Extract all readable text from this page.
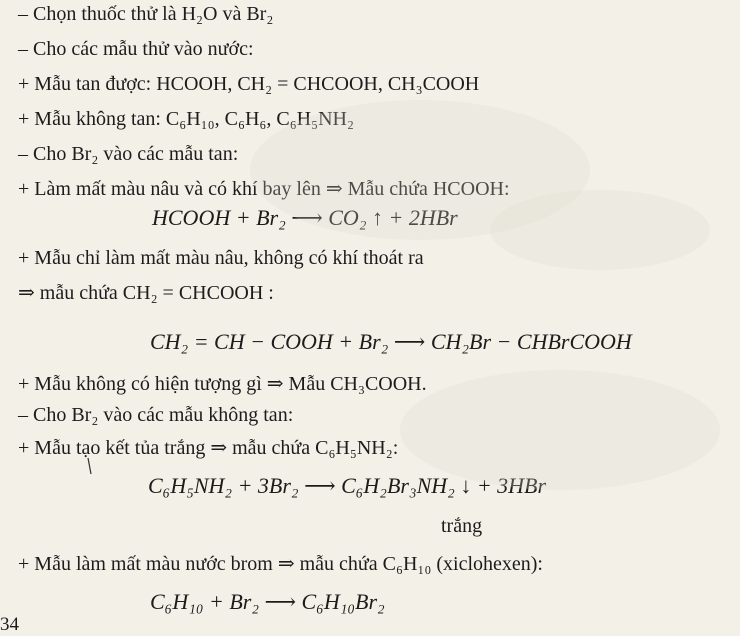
– Chọn thuốc thử là H₂O và Br₂
– Cho các mẫu thử vào nước:
+ Mẫu tan được: HCOOH, CH₂ = CHCOOH, CH₃COOH
+ Mẫu không tan: C₆H₁₀, C₆H₆, C₆H₅NH₂
– Cho Br₂ vào các mẫu tan:
+ Làm mất màu nâu và có khí bay lên ⇒ Mẫu chứa HCOOH:
HCOOH + Br₂ ⟶ CO₂ ↑ + 2HBr
+ Mẫu chỉ làm mất màu nâu, không có khí thoát ra
⇒ mẫu chứa CH₂ = CHCOOH :
CH₂ = CH − COOH + Br₂ ⟶ CH₂Br − CHBrCOOH
+ Mẫu không có hiện tượng gì ⇒ Mẫu CH₃COOH.
– Cho Br₂ vào các mẫu không tan:
+ Mẫu tạo kết tủa trắng ⇒ mẫu chứa C₆H₅NH₂:
C₆H₅NH₂ + 3Br₂ ⟶ C₆H₂Br₃NH₂ ↓ + 3HBr
trắng
+ Mẫu làm mất màu nước brom ⇒ mẫu chứa C₆H₁₀ (xiclohexen):
C₆H₁₀ + Br₂ ⟶ C₆H₁₀Br₂
34
